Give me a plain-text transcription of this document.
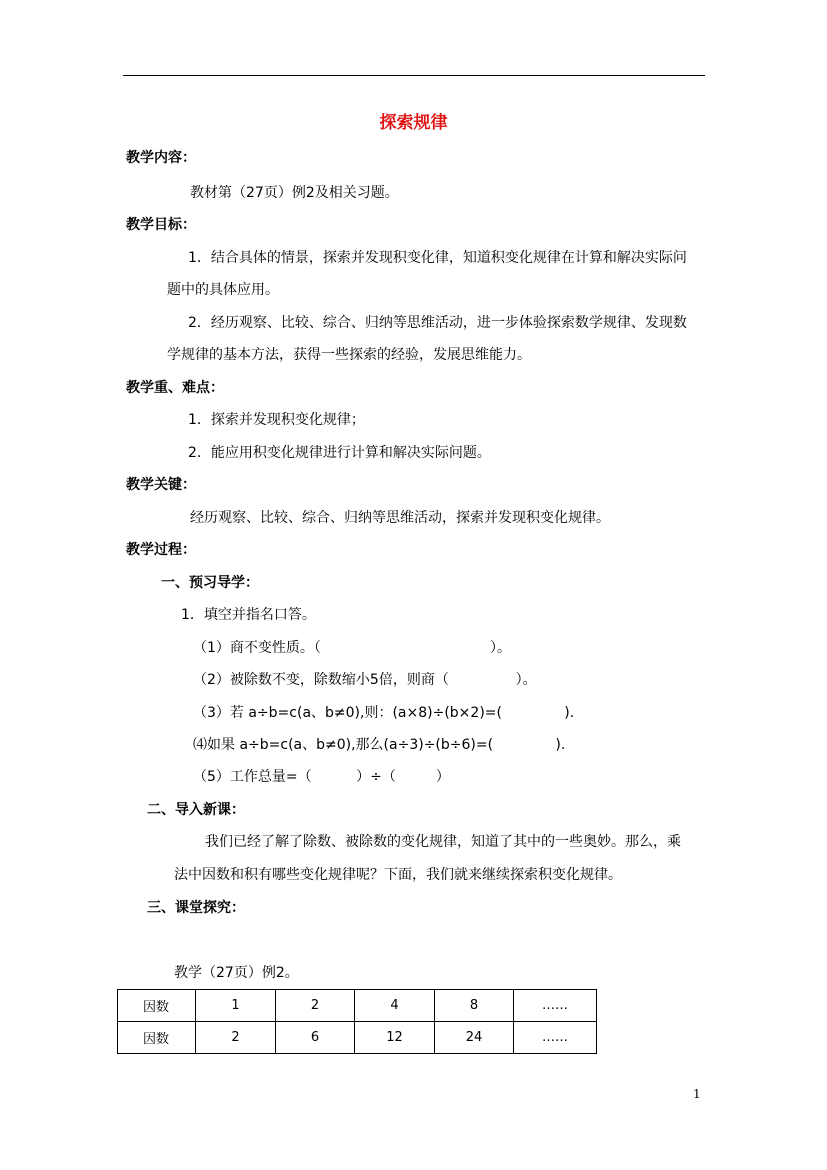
探索规律
教学内容：
教材第（27页）例2及相关习题。
教学目标：
1．结合具体的情景，探索并发现积变化律，知道积变化规律在计算和解决实际问
题中的具体应用。
2．经历观察、比较、综合、归纳等思维活动，进一步体验探索数学规律、发现数
学规律的基本方法，获得一些探索的经验，发展思维能力。
教学重、难点：
1．探索并发现积变化规律；
2．能应用积变化规律进行计算和解决实际问题。
教学关键：
经历观察、比较、综合、归纳等思维活动，探索并发现积变化规律。
教学过程：
一、预习导学：
1．填空并指名口答。
（1）商不变性质。（                                      ）。
（2）被除数不变，除数缩小5倍，则商（               ）。
（3）若 a÷b=c(a、b≠0),则：(a×8)÷(b×2)=(              ).
⑷如果 a÷b=c(a、b≠0),那么(a÷3)÷(b÷6)=(              ).
（5）工作总量=（          ）÷（         ）
二、导入新课：
我们已经了解了除数、被除数的变化规律，知道了其中的一些奥妙。那么，乘
法中因数和积有哪些变化规律呢？下面，我们就来继续探索积变化规律。
三、课堂探究：
教学（27页）例2。
因数	1	2	4	8	……
因数	2	6	12	24	……
1
